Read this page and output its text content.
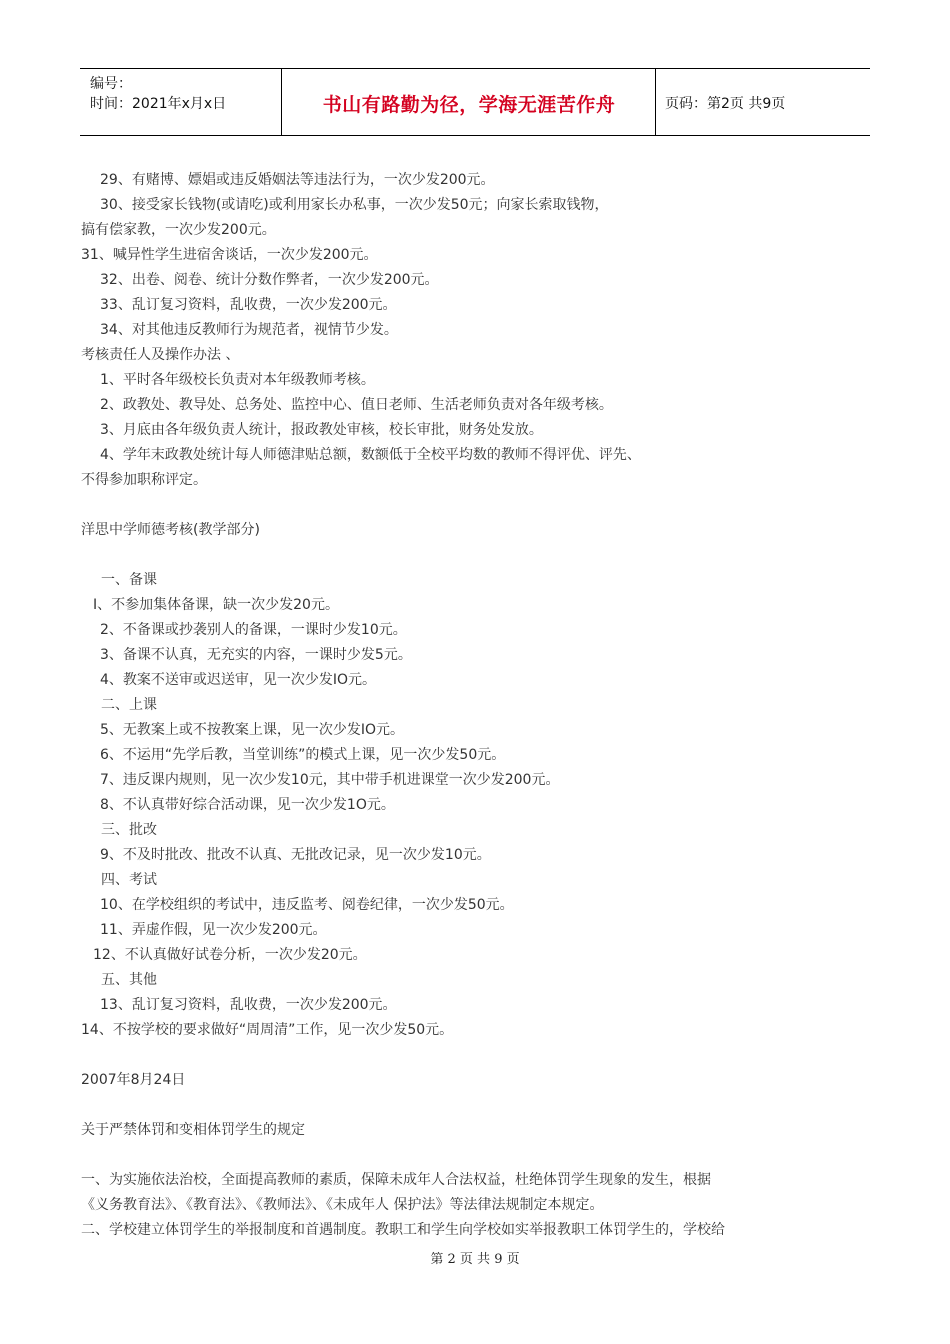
编号：
时间：2021年x月x日	书山有路勤为径，学海无涯苦作舟	页码：第2页 共9页
29、有赌博、嫖娼或违反婚姻法等违法行为，一次少发200元。
30、接受家长钱物(或请吃)或利用家长办私事，一次少发50元；向家长索取钱物，
搞有偿家教，一次少发200元。
31、喊异性学生进宿舍谈话，一次少发200元。
32、出卷、阅卷、统计分数作弊者，一次少发200元。
33、乱订复习资料，乱收费，一次少发200元。
34、对其他违反教师行为规范者，视情节少发。
考核责任人及操作办法 、
1、平时各年级校长负责对本年级教师考核。
2、政教处、教导处、总务处、监控中心、值日老师、生活老师负责对各年级考核。
3、月底由各年级负责人统计，报政教处审核，校长审批，财务处发放。
4、学年末政教处统计每人师德津贴总额，数额低于全校平均数的教师不得评优、评先、
不得参加职称评定。
洋思中学师德考核(教学部分)
一、备课
I、不参加集体备课，缺一次少发20元。
2、不备课或抄袭别人的备课，一课时少发10元。
3、备课不认真，无充实的内容，一课时少发5元。
4、教案不送审或迟送审，见一次少发IO元。
二、上课
5、无教案上或不按教案上课，见一次少发IO元。
6、不运用“先学后教，当堂训练”的模式上课，见一次少发50元。
7、违反课内规则，见一次少发10元，其中带手机进课堂一次少发200元。
8、不认真带好综合活动课，见一次少发1O元。
三、批改
9、不及时批改、批改不认真、无批改记录，见一次少发10元。
四、考试
10、在学校组织的考试中，违反监考、阅卷纪律，一次少发50元。
11、弄虚作假，见一次少发200元。
12、不认真做好试卷分析，一次少发20元。
五、其他
13、乱订复习资料，乱收费，一次少发200元。
14、不按学校的要求做好“周周清”工作，见一次少发50元。
2007年8月24日
关于严禁体罚和变相体罚学生的规定
一、为实施依法治校，全面提高教师的素质，保障未成年人合法权益，杜绝体罚学生现象的发生，根据
《义务教育法》、《教育法》、《教师法》、《未成年人 保护法》等法律法规制定本规定。
二、学校建立体罚学生的举报制度和首遇制度。教职工和学生向学校如实举报教职工体罚学生的，学校给
第 2 页 共 9 页
